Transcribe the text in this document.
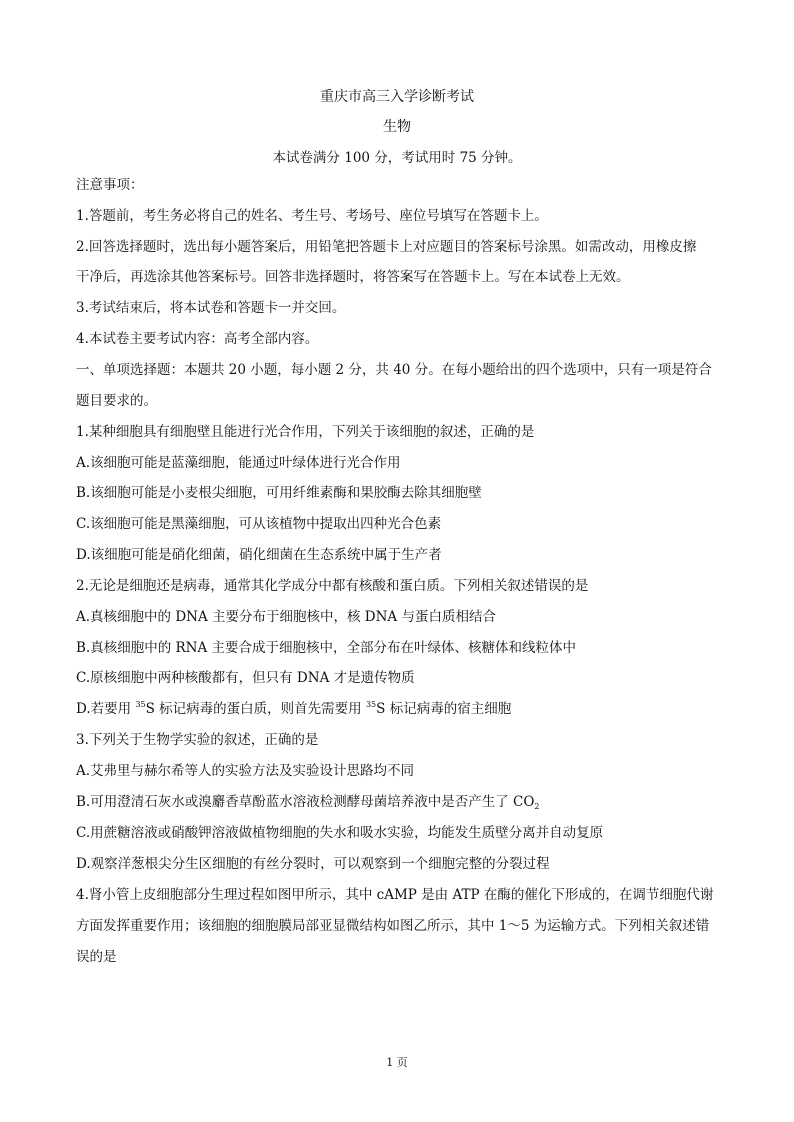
重庆市高三入学诊断考试
生物
本试卷满分 100 分，考试用时 75 分钟。
注意事项：
1.答题前，考生务必将自己的姓名、考生号、考场号、座位号填写在答题卡上。
2.回答选择题时，选出每小题答案后，用铅笔把答题卡上对应题目的答案标号涂黑。如需改动，用橡皮擦
干净后，再选涂其他答案标号。回答非选择题时，将答案写在答题卡上。写在本试卷上无效。
3.考试结束后，将本试卷和答题卡一并交回。
4.本试卷主要考试内容：高考全部内容。
一、单项选择题：本题共 20 小题，每小题 2 分，共 40 分。在每小题给出的四个选项中，只有一项是符合
题目要求的。
1.某种细胞具有细胞壁且能进行光合作用，下列关于该细胞的叙述，正确的是
A.该细胞可能是蓝藻细胞，能通过叶绿体进行光合作用
B.该细胞可能是小麦根尖细胞，可用纤维素酶和果胶酶去除其细胞壁
C.该细胞可能是黑藻细胞，可从该植物中提取出四种光合色素
D.该细胞可能是硝化细菌，硝化细菌在生态系统中属于生产者
2.无论是细胞还是病毒，通常其化学成分中都有核酸和蛋白质。下列相关叙述错误的是
A.真核细胞中的 DNA 主要分布于细胞核中，核 DNA 与蛋白质相结合
B.真核细胞中的 RNA 主要合成于细胞核中，全部分布在叶绿体、核糖体和线粒体中
C.原核细胞中两种核酸都有，但只有 DNA 才是遗传物质
D.若要用 $^{35}$S 标记病毒的蛋白质，则首先需要用 $^{35}$S 标记病毒的宿主细胞
3.下列关于生物学实验的叙述，正确的是
A.艾弗里与赫尔希等人的实验方法及实验设计思路均不同
B.可用澄清石灰水或溴麝香草酚蓝水溶液检测酵母菌培养液中是否产生了 $CO_2$
C.用蔗糖溶液或硝酸钾溶液做植物细胞的失水和吸水实验，均能发生质壁分离并自动复原
D.观察洋葱根尖分生区细胞的有丝分裂时，可以观察到一个细胞完整的分裂过程
4.肾小管上皮细胞部分生理过程如图甲所示，其中 cAMP 是由 ATP 在酶的催化下形成的，在调节细胞代谢
方面发挥重要作用；该细胞的细胞膜局部亚显微结构如图乙所示，其中 1～5 为运输方式。下列相关叙述错
误的是
1 页
